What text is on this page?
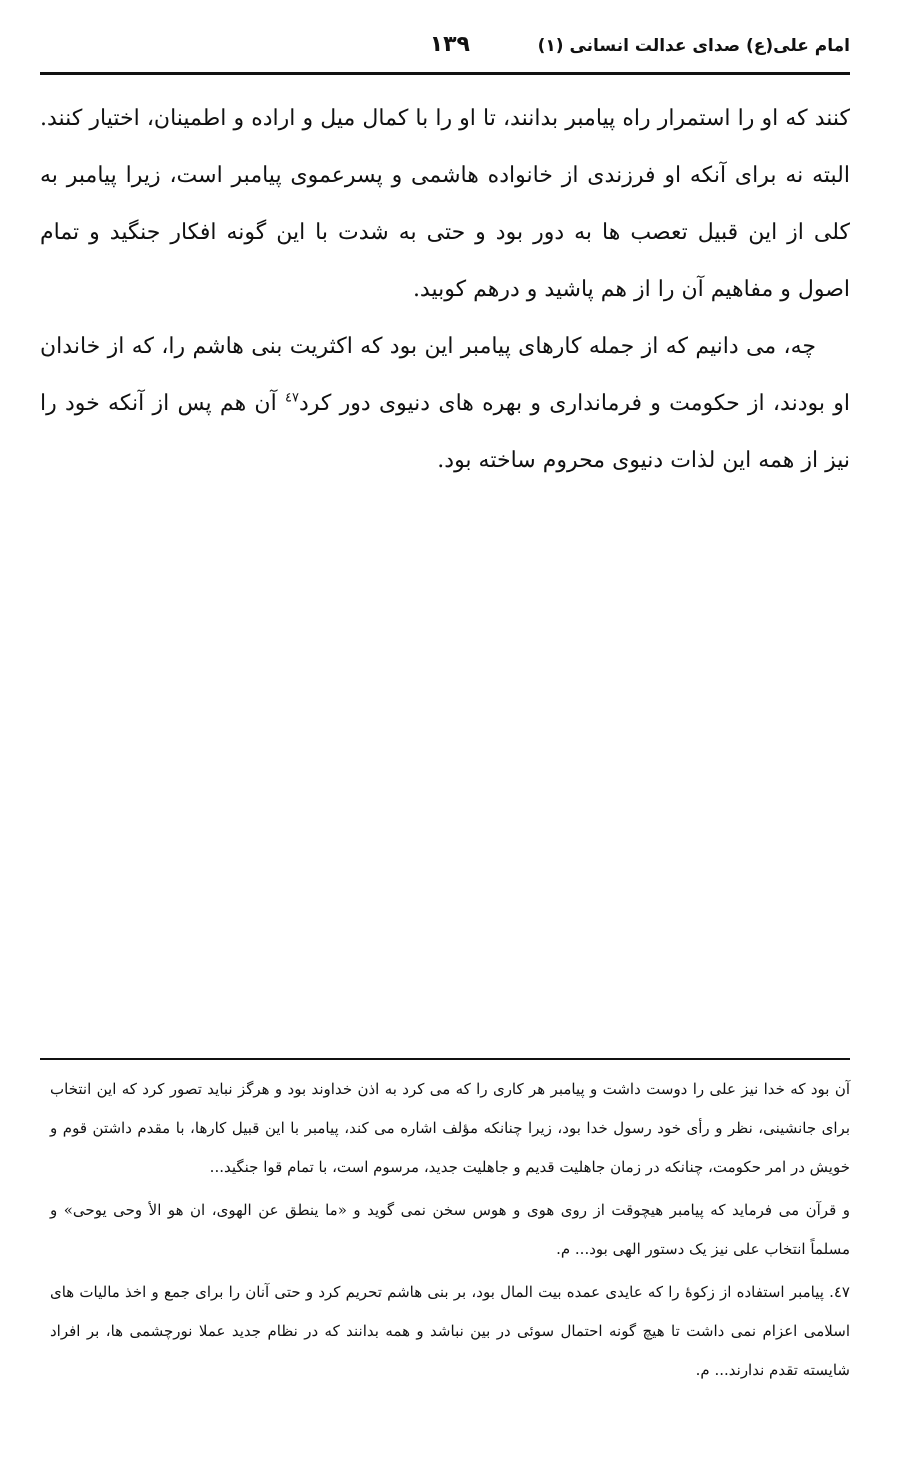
امام علی(ع) صدای عدالت انسانی (۱)
۱۳۹

کنند که او را استمرار راه پیامبر بدانند، تا او را با کمال میل و اراده و اطمینان، اختیار کنند. البته نه برای آنکه او فرزندی از خانواده هاشمی و پسرعموی پیامبر است، زیرا پیامبر به کلی از این قبیل تعصب ها به دور بود و حتی به شدت با این گونه افکار جنگید و تمام اصول و مفاهیم آن را از هم پاشید و درهم کوبید.

چه، می دانیم که از جمله کارهای پیامبر این بود که اکثریت بنی هاشم را، که از خاندان او بودند، از حکومت و فرمانداری و بهره های دنیوی دور کرد$^{٤٧}$ آن هم پس از آنکه خود را نیز از همه این لذات دنیوی محروم ساخته بود.

آن بود که خدا نیز علی را دوست داشت و پیامبر هر کاری را که می کرد به اذن خداوند بود و هرگز نباید تصور کرد که این انتخاب برای جانشینی، نظر و رأی خود رسول خدا بود، زیرا چنانکه مؤلف اشاره می کند، پیامبر با این قبیل کارها، با مقدم داشتن قوم و خویش در امر حکومت، چنانکه در زمان جاهلیت قدیم و جاهلیت جدید، مرسوم است، با تمام قوا جنگید...

و قرآن می فرماید که پیامبر هیچوقت از روی هوی و هوس سخن نمی گوید و «ما ینطق عن الهوی، ان هو الأ وحی یوحی» و مسلماً انتخاب علی نیز یک دستور الهی بود... م.

٤٧. پیامبر استفاده از زکوۀ را که عایدی عمده بیت المال بود، بر بنی هاشم تحریم کرد و حتی آنان را برای جمع و اخذ مالیات های اسلامی اعزام نمی داشت تا هیچ گونه احتمال سوئی در بین نباشد و همه بدانند که در نظام جدید عملا نورچشمی ها، بر افراد شایسته تقدم ندارند... م.
